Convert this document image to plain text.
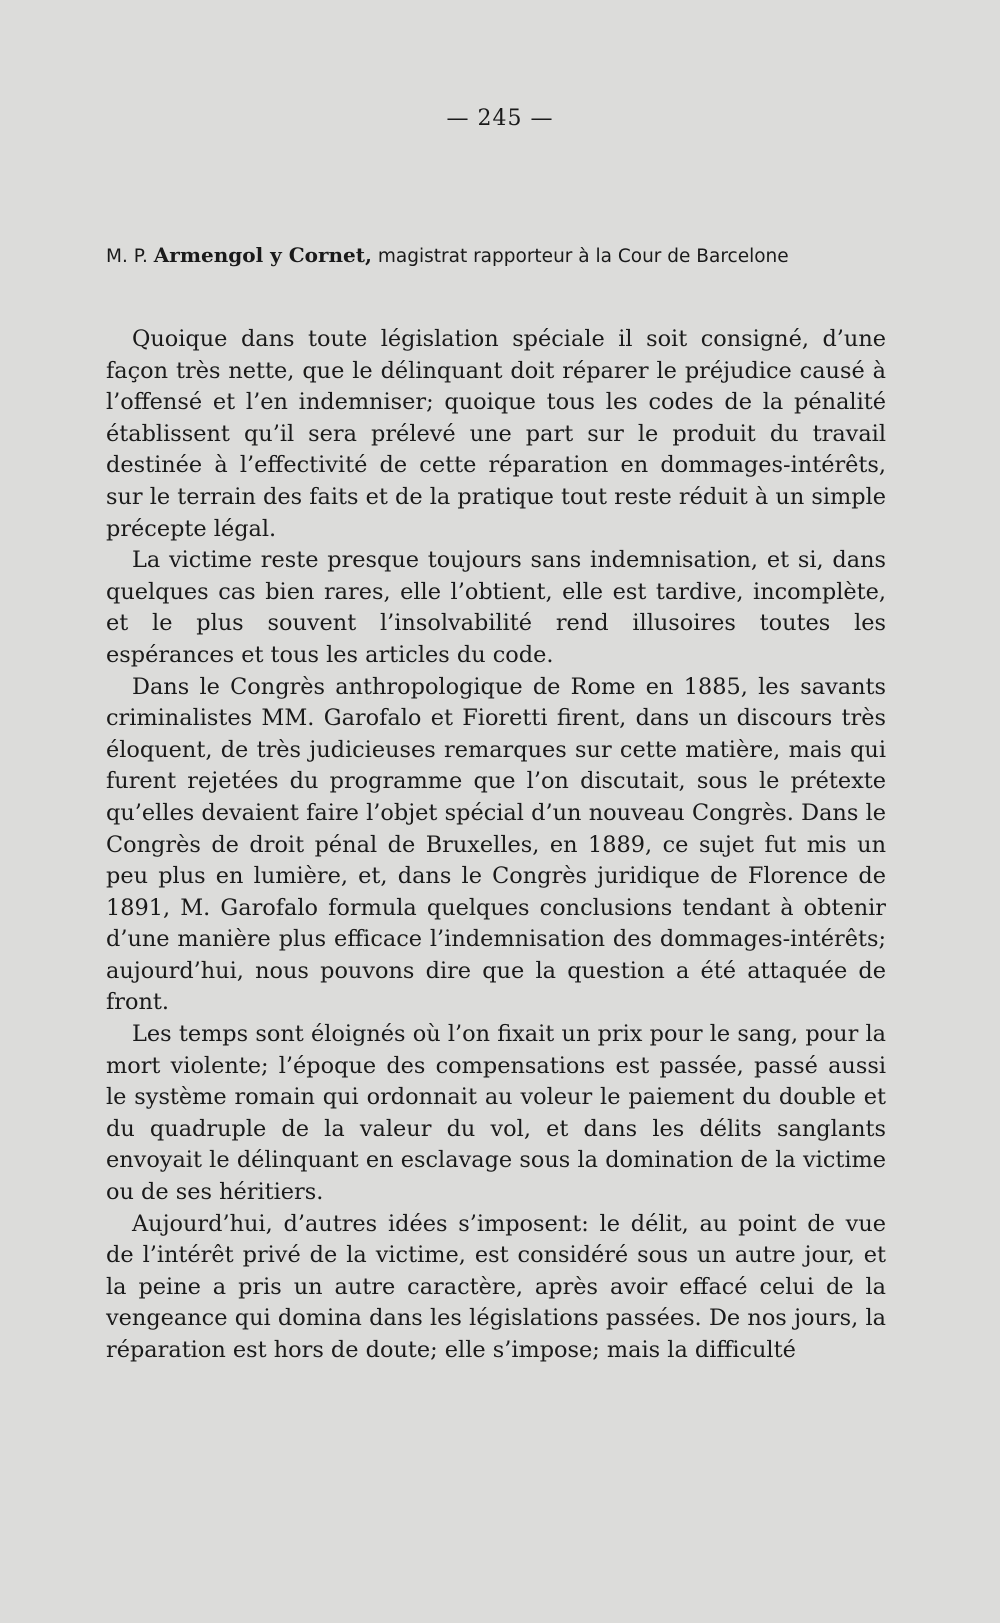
— 245 —
M. P. Armengol y Cornet, magistrat rapporteur à la Cour de Barcelone

Quoique dans toute législation spéciale il soit consigné, d’une façon très nette, que le délinquant doit réparer le préjudice causé à l’offensé et l’en indemniser; quoique tous les codes de la pénalité établissent qu’il sera prélevé une part sur le produit du travail destinée à l’effectivité de cette réparation en dommages-intérêts, sur le terrain des faits et de la pratique tout reste réduit à un simple précepte légal.

La victime reste presque toujours sans indemnisation, et si, dans quelques cas bien rares, elle l’obtient, elle est tardive, incomplète, et le plus souvent l’insolvabilité rend illusoires toutes les espérances et tous les articles du code.

Dans le Congrès anthropologique de Rome en 1885, les savants criminalistes MM. Garofalo et Fioretti firent, dans un discours très éloquent, de très judicieuses remarques sur cette matière, mais qui furent rejetées du programme que l’on discutait, sous le prétexte qu’elles devaient faire l’objet spécial d’un nouveau Congrès. Dans le Congrès de droit pénal de Bruxelles, en 1889, ce sujet fut mis un peu plus en lumière, et, dans le Congrès juridique de Florence de 1891, M. Garofalo formula quelques conclusions tendant à obtenir d’une manière plus efficace l’indemnisation des dommages-intérêts; aujourd’hui, nous pouvons dire que la question a été attaquée de front.

Les temps sont éloignés où l’on fixait un prix pour le sang, pour la mort violente; l’époque des compensations est passée, passé aussi le système romain qui ordonnait au voleur le paiement du double et du quadruple de la valeur du vol, et dans les délits sanglants envoyait le délinquant en esclavage sous la domination de la victime ou de ses héritiers.

Aujourd’hui, d’autres idées s’imposent: le délit, au point de vue de l’intérêt privé de la victime, est considéré sous un autre jour, et la peine a pris un autre caractère, après avoir effacé celui de la vengeance qui domina dans les législations passées. De nos jours, la réparation est hors de doute; elle s’impose; mais la difficulté
